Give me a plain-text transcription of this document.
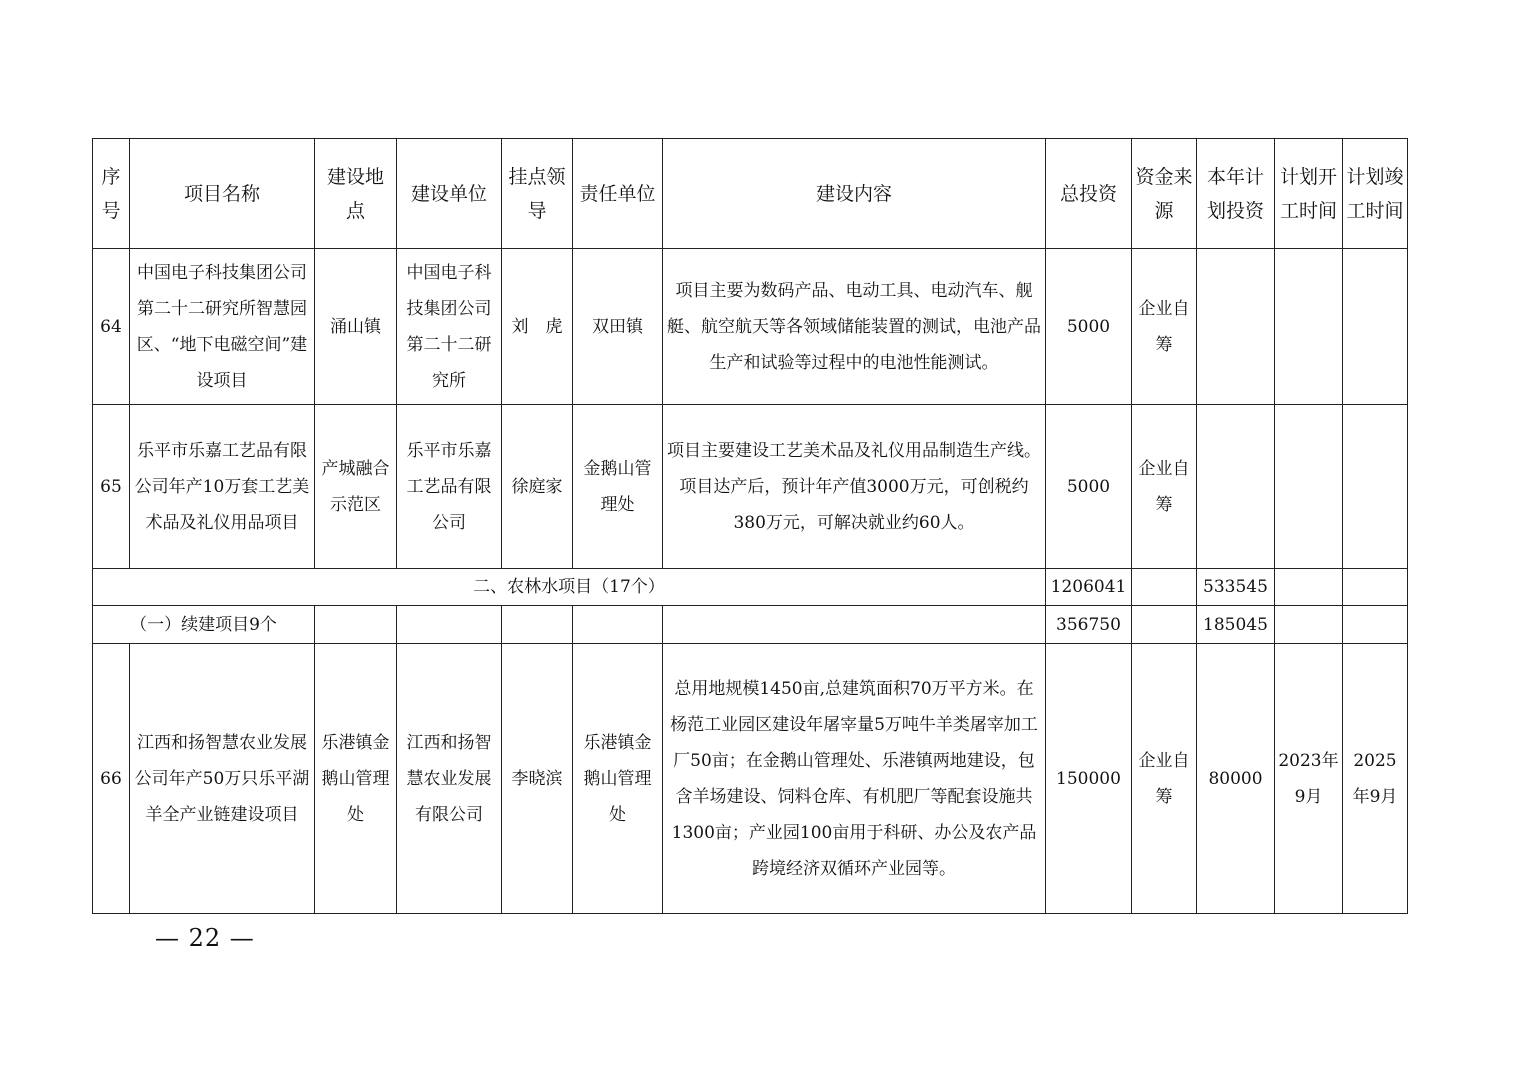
序号	项目名称	建设地点	建设单位	挂点领导	责任单位	建设内容	总投资	资金来源	本年计划投资	计划开工时间	计划竣工时间
64	中国电子科技集团公司第二十二研究所智慧园区、“地下电磁空间”建设项目	涌山镇	中国电子科技集团公司第二十二研究所	刘　虎	双田镇	项目主要为数码产品、电动工具、电动汽车、舰艇、航空航天等各领域储能装置的测试，电池产品生产和试验等过程中的电池性能测试。	5000	企业自筹			
65	乐平市乐嘉工艺品有限公司年产10万套工艺美术品及礼仪用品项目	产城融合示范区	乐平市乐嘉工艺品有限公司	徐庭家	金鹅山管理处	项目主要建设工艺美术品及礼仪用品制造生产线。项目达产后，预计年产值3000万元，可创税约380万元，可解决就业约60人。	5000	企业自筹			
二、农林水项目（17个）							1206041		533545		
（一）续建项目9个							356750		185045		
66	江西和扬智慧农业发展公司年产50万只乐平湖羊全产业链建设项目	乐港镇金鹅山管理处	江西和扬智慧农业发展有限公司	李晓滨	乐港镇金鹅山管理处	总用地规模1450亩,总建筑面积70万平方米。在杨范工业园区建设年屠宰量5万吨牛羊类屠宰加工厂50亩；在金鹅山管理处、乐港镇两地建设，包含羊场建设、饲料仓库、有机肥厂等配套设施共1300亩；产业园100亩用于科研、办公及农产品跨境经济双循环产业园等。	150000	企业自筹	80000	2023年9月	2025年9月
— 22 —
